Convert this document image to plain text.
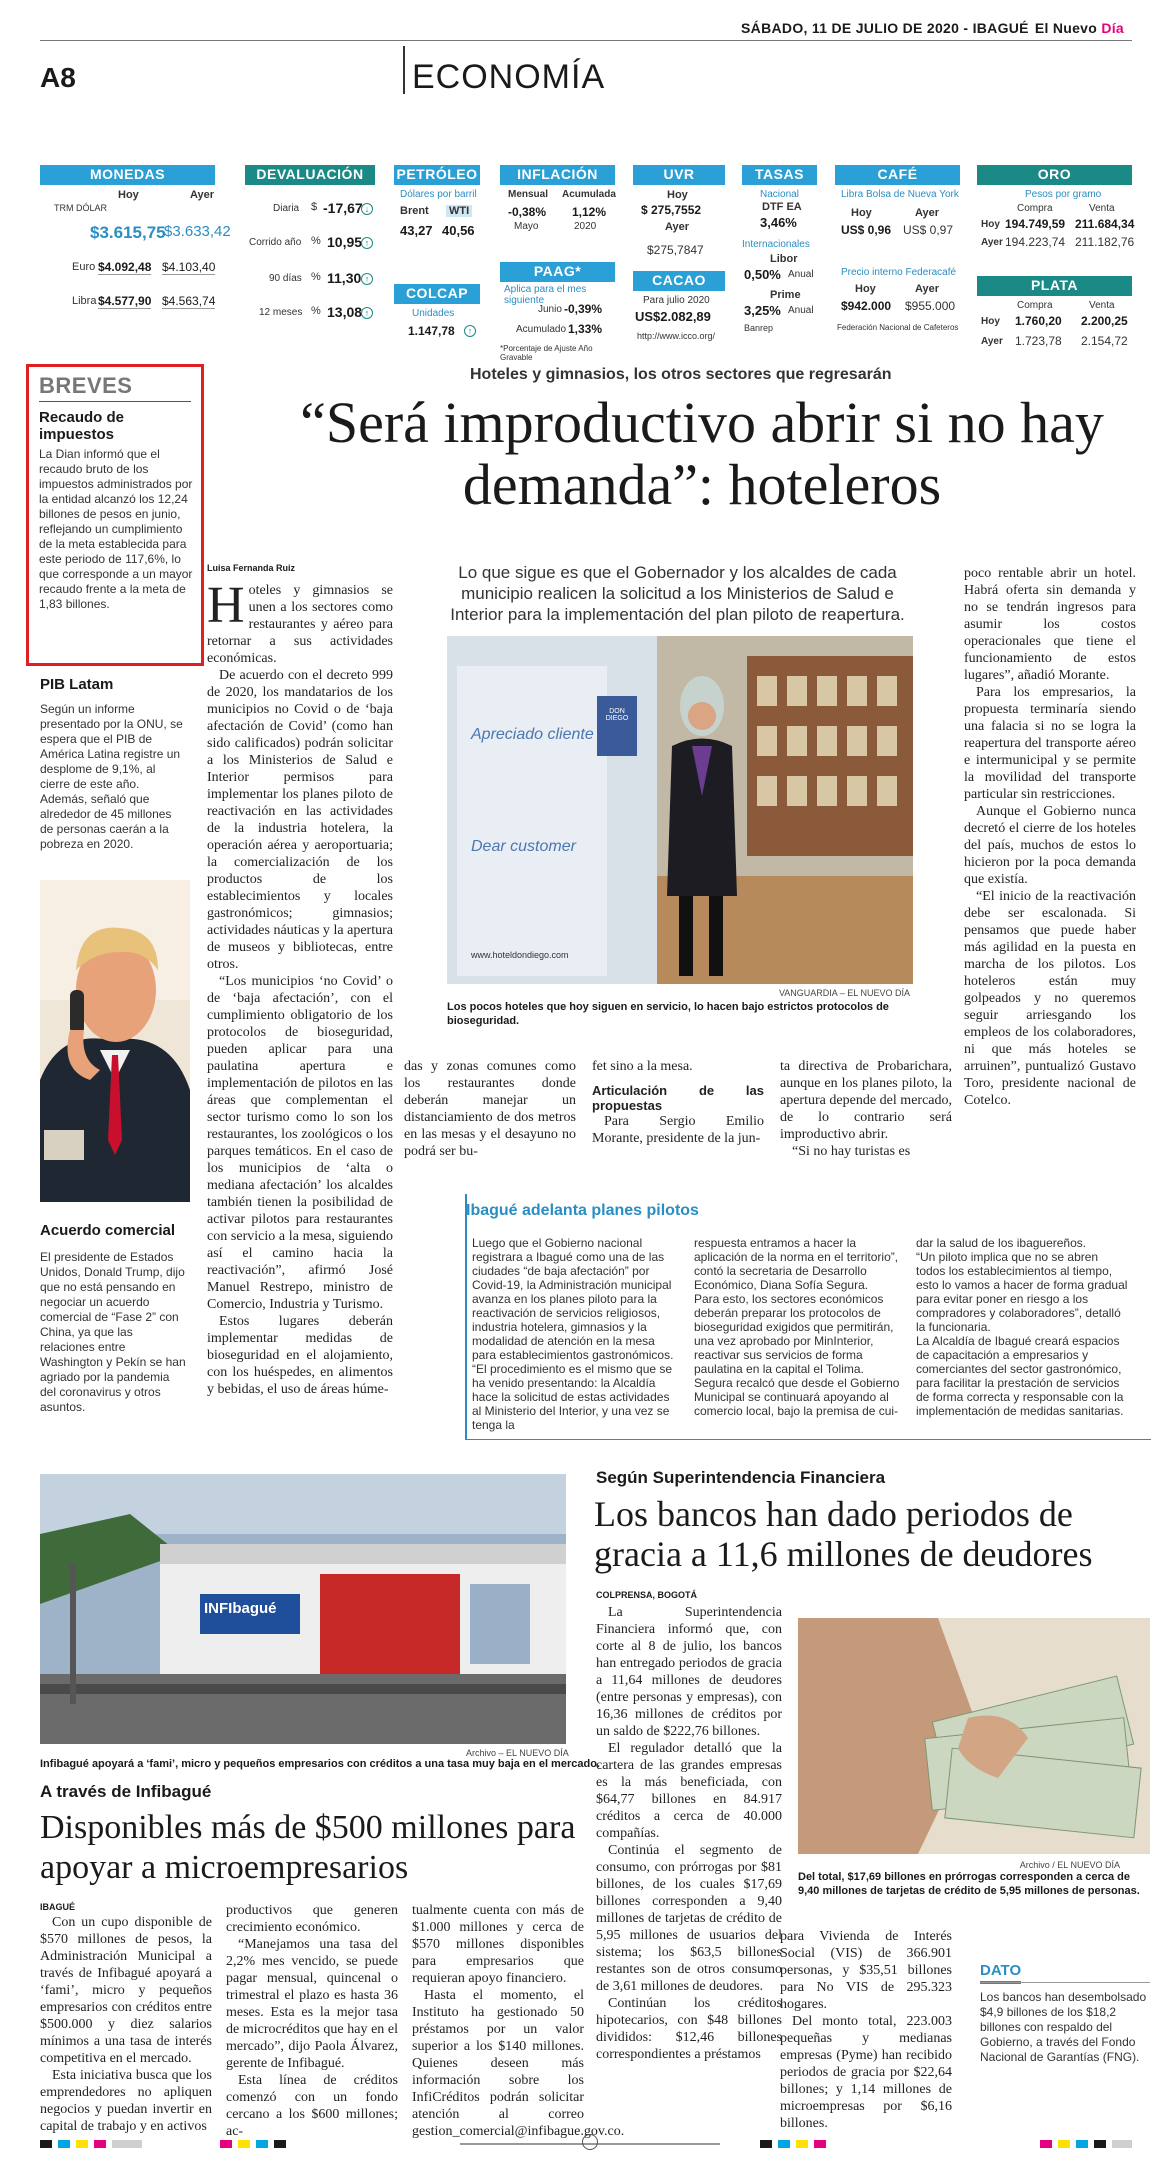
SÁBADO, 11 DE JULIO DE 2020 - IBAGUÉ El Nuevo Día
A8	ECONOMÍA
MONEDAS
Hoy	Ayer
TRM DÓLAR
$3.615,75
$3.633,42
Euro $4.092,48 $4.103,40
Libra $4.577,90 $4.563,74
DEVALUACIÓN
Diaria $ -17,67 ↓
Corrido año % 10,95 ↑
90 días % 11,30 ↑
12 meses % 13,08 ↑
PETRÓLEO
Dólares por barril
Brent WTI
43,27 40,56
COLCAP
Unidades
1.147,78	↑
INFLACIÓN
Mensual Acumulada
-0,38% 1,12%
Mayo	2020
PAAG*
Aplica para el mes siguiente
Junio -0,39%
Acumulado 1,33%
*Porcentaje de Ajuste Año Gravable
UVR
Hoy
$ 275,7552
Ayer
$275,7847
CACAO
Para julio 2020
US$2.082,89
http://www.icco.org/
TASAS
Nacional
DTF EA
3,46%
Internacionales
Libor
0,50% Anual
Prime
3,25% Anual
Banrep
CAFÉ
Libra Bolsa de Nueva York
Hoy	Ayer
US$ 0,96 US$ 0,97
Precio interno Federacafé
Hoy	Ayer
$942.000 $955.000
Federación Nacional de Cafeteros
ORO
Pesos por gramo
Compra	Venta
Hoy 194.749,59 211.684,34
Ayer 194.223,74 211.182,76
PLATA
Compra	Venta
Hoy 1.760,20 2.200,25
Ayer 1.723,78 2.154,72
BREVES
Recaudo de impuestos
La Dian informó que el recaudo bruto de los impuestos administrados por la entidad alcanzó los 12,24 billones de pesos en junio, reflejando un cumplimiento de la meta establecida para este periodo de 117,6%, lo que corresponde a un mayor recaudo frente a la meta de 1,83 billones.
PIB Latam
Según un informe presentado por la ONU, se espera que el PIB de América Latina registre un desplome de 9,1%, al cierre de este año. Además, señaló que alrededor de 45 millones de personas caerán a la pobreza en 2020.
Acuerdo comercial
El presidente de Estados Unidos, Donald Trump, dijo que no está pensando en negociar un acuerdo comercial de “Fase 2” con China, ya que las relaciones entre Washington y Pekín se han agriado por la pandemia del coronavirus y otros asuntos.
Hoteles y gimnasios, los otros sectores que regresarán
“Será improductivo abrir si no hay demanda”: hoteleros
Luisa Fernanda Ruiz
Hoteles y gimnasios se unen a los sectores como restaurantes y aéreo para retornar a sus actividades económicas.

De acuerdo con el decreto 999 de 2020, los mandatarios de los municipios no Covid o de ‘baja afectación de Covid’ (como han sido calificados) podrán solicitar a los Ministerios de Salud e Interior permisos para implementar los planes piloto de reactivación en las actividades de la industria hotelera, la operación aérea y aeroportuaria; la comercialización de los productos de los establecimientos y locales gastronómicos; gimnasios; actividades náuticas y la apertura de museos y bibliotecas, entre otros.

“Los municipios ‘no Covid’ o de ‘baja afectación’, con el cumplimiento obligatorio de los protocolos de bioseguridad, pueden aplicar para una paulatina apertura e implementación de pilotos en las áreas que complementan el sector turismo como lo son los restaurantes, los zoológicos o los parques temáticos. En el caso de los municipios de ‘alta o mediana afectación’ los alcaldes también tienen la posibilidad de activar pilotos para restaurantes con servicio a la mesa, siguiendo así el camino hacia la reactivación”, afirmó José Manuel Restrepo, ministro de Comercio, Industria y Turismo.

Estos lugares deberán implementar medidas de bioseguridad en el alojamiento, con los huéspedes, en alimentos y bebidas, el uso de áreas húme-

Lo que sigue es que el Gobernador y los alcaldes de cada municipio realicen la solicitud a los Ministerios de Salud e Interior para la implementación del plan piloto de reapertura.
Apreciado cliente
Dear customer
DON DIEGO
www.hoteldondiego.com
VANGUARDIA – EL NUEVO DÍA
Los pocos hoteles que hoy siguen en servicio, lo hacen bajo estrictos protocolos de bioseguridad.

das y zonas comunes como los restaurantes donde deberán manejar un distanciamiento de dos metros en las mesas y el desayuno no podrá ser bu-

fet sino a la mesa.

Articulación de las propuestas

Para Sergio Emilio Morante, presidente de la jun-

ta directiva de Probarichara, aunque en los planes piloto, la apertura depende del mercado, de lo contrario será improductivo abrir.

“Si no hay turistas es

poco rentable abrir un hotel. Habrá oferta sin demanda y no se tendrán ingresos para asumir los costos operacionales que tiene el funcionamiento de estos lugares”, añadió Morante.

Para los empresarios, la propuesta terminaría siendo una falacia si no se logra la reapertura del transporte aéreo e intermunicipal y se permite la movilidad del transporte particular sin restricciones.

Aunque el Gobierno nunca decretó el cierre de los hoteles del país, muchos de estos lo hicieron por la poca demanda que existía.

“El inicio de la reactivación debe ser escalonada. Si pensamos que puede haber más agilidad en la puesta en marcha de los pilotos. Los hoteleros están muy golpeados y no queremos seguir arriesgando los empleos de los colaboradores, ni que más hoteles se arruinen”, puntualizó Gustavo Toro, presidente nacional de Cotelco.

Ibagué adelanta planes pilotos

Luego que el Gobierno nacional registrara a Ibagué como una de las ciudades “de baja afectación” por Covid-19, la Administración municipal avanza en los planes piloto para la reactivación de servicios religiosos, industria hotelera, gimnasios y la modalidad de atención en la mesa para establecimientos gastronómicos.

“El procedimiento es el mismo que se ha venido presentando: la Alcaldía hace la solicitud de estas actividades al Ministerio del Interior, y una vez se tenga la

respuesta entramos a hacer la aplicación de la norma en el territorio”, contó la secretaria de Desarrollo Económico, Diana Sofía Segura.

Para esto, los sectores económicos deberán preparar los protocolos de bioseguridad exigidos que permitirán, una vez aprobado por MinInterior, reactivar sus servicios de forma paulatina en la capital el Tolima.

Segura recalcó que desde el Gobierno Municipal se continuará apoyando al comercio local, bajo la premisa de cui-

dar la salud de los ibaguereños.

“Un piloto implica que no se abren todos los establecimientos al tiempo, esto lo vamos a hacer de forma gradual para evitar poner en riesgo a los compradores y colaboradores”, detalló la funcionaria.

La Alcaldía de Ibagué creará espacios de capacitación a empresarios y comerciantes del sector gastronómico, para facilitar la prestación de servicios de forma correcta y responsable con la implementación de medidas sanitarias.

INFIbagué
Archivo – EL NUEVO DÍA
Infibagué apoyará a ‘fami’, micro y pequeños empresarios con créditos a una tasa muy baja en el mercado.
A través de Infibagué
Disponibles más de $500 millones para apoyar a microempresarios
IBAGUÉ

Con un cupo disponible de $570 millones de pesos, la Administración Municipal a través de Infibagué apoyará a ‘fami’, micro y pequeños empresarios con créditos entre $500.000 y diez salarios mínimos a una tasa de interés competitiva en el mercado.

Esta iniciativa busca que los emprendedores no apliquen negocios y puedan invertir en capital de trabajo y en activos

productivos que generen crecimiento económico.

“Manejamos una tasa del 2,2% mes vencido, se puede pagar mensual, quincenal o trimestral el plazo es hasta 36 meses. Esta es la mejor tasa de microcréditos que hay en el mercado”, dijo Paola Álvarez, gerente de Infibagué.

Esta línea de créditos comenzó con un fondo cercano a los $600 millones; ac-

tualmente cuenta con más de $1.000 millones y cerca de $570 millones disponibles para empresarios que requieran apoyo financiero.

Hasta el momento, el Instituto ha gestionado 50 préstamos por un valor superior a los $140 millones. Quienes deseen más información sobre los InfiCréditos podrán solicitar atención al correo gestion_comercial@infibague.gov.co.

Según Superintendencia Financiera
Los bancos han dado periodos de gracia a 11,6 millones de deudores
COLPRENSA, BOGOTÁ

La Superintendencia Financiera informó que, con corte al 8 de julio, los bancos han entregado periodos de gracia a 11,64 millones de deudores (entre personas y empresas), con 16,36 millones de créditos por un saldo de $222,76 billones.

El regulador detalló que la cartera de las grandes empresas es la más beneficiada, con $64,77 billones en 84.917 créditos a cerca de 40.000 compañías.

Continúa el segmento de consumo, con prórrogas por $81 billones, de los cuales $17,69 billones corresponden a 9,40 millones de tarjetas de crédito de 5,95 millones de usuarios del sistema; los $63,5 billones restantes son de otros consumo de 3,61 millones de deudores.

Continúan los créditos hipotecarios, con $48 billones divididos: $12,46 billones correspondientes a préstamos

Archivo / EL NUEVO DÍA
Del total, $17,69 billones en prórrogas corresponden a cerca de 9,40 millones de tarjetas de crédito de 5,95 millones de personas.

para Vivienda de Interés Social (VIS) de 366.901 personas, y $35,51 billones para No VIS de 295.323 hogares.

Del monto total, 223.003 pequeñas y medianas empresas (Pyme) han recibido periodos de gracia por $22,64 billones; y 1,14 millones de microempresas por $6,16 billones.

DATO
Los bancos han desembolsado $4,9 billones de los $18,2 billones con respaldo del Gobierno, a través del Fondo Nacional de Garantías (FNG).
